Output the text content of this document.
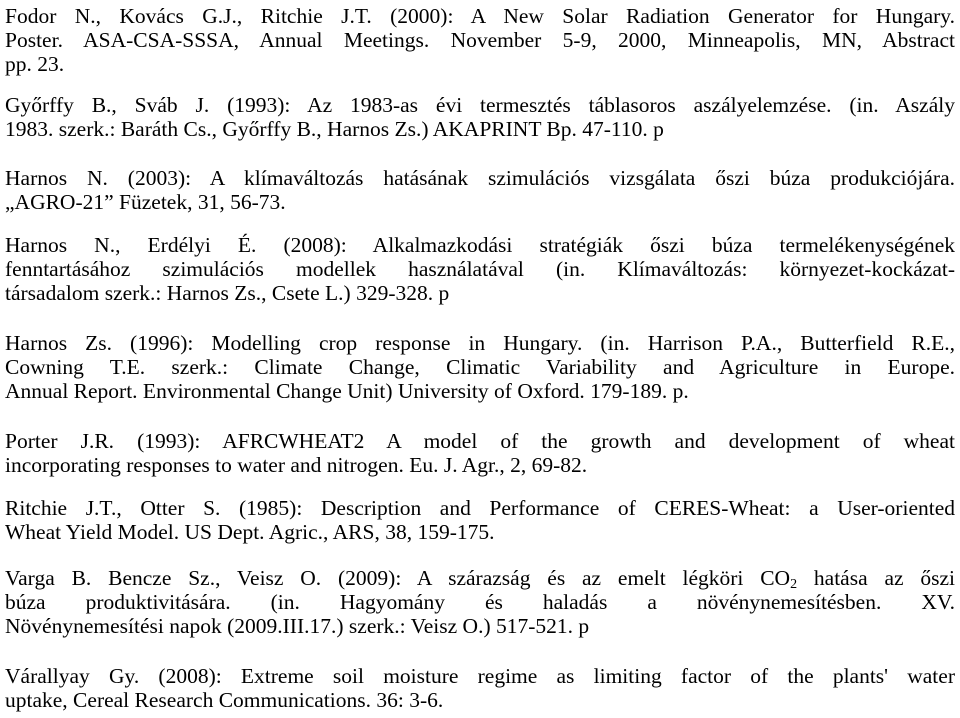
Fodor N., Kovács G.J., Ritchie J.T. (2000): A New Solar Radiation Generator for Hungary.
Poster. ASA-CSA-SSSA, Annual Meetings. November 5-9, 2000, Minneapolis, MN, Abstract
pp. 23.
Győrffy B., Sváb J. (1993): Az 1983-as évi termesztés táblasoros aszályelemzése. (in. Aszály
1983. szerk.: Baráth Cs., Győrffy B., Harnos Zs.) AKAPRINT Bp. 47-110. p
Harnos N. (2003): A klímaváltozás hatásának szimulációs vizsgálata őszi búza produkciójára.
„AGRO-21” Füzetek, 31, 56-73.
Harnos N., Erdélyi É. (2008): Alkalmazkodási stratégiák őszi búza termelékenységének
fenntartásához szimulációs modellek használatával (in. Klímaváltozás: környezet-kockázat-
társadalom szerk.: Harnos Zs., Csete L.) 329-328. p
Harnos Zs. (1996): Modelling crop response in Hungary. (in. Harrison P.A., Butterfield R.E.,
Cowning T.E. szerk.: Climate Change, Climatic Variability and Agriculture in Europe.
Annual Report. Environmental Change Unit) University of Oxford. 179-189. p.
Porter J.R. (1993): AFRCWHEAT2 A model of the growth and development of wheat
incorporating responses to water and nitrogen. Eu. J. Agr., 2, 69-82.
Ritchie J.T., Otter S. (1985): Description and Performance of CERES-Wheat: a User-oriented
Wheat Yield Model. US Dept. Agric., ARS, 38, 159-175.
Varga B. Bencze Sz., Veisz O. (2009): A szárazság és az emelt légköri $CO_2$ hatása az őszi
búza produktivitására. (in. Hagyomány és haladás a növénynemesítésben. XV.
Növénynemesítési napok (2009.III.17.) szerk.: Veisz O.) 517-521. p
Várallyay Gy. (2008): Extreme soil moisture regime as limiting factor of the plants' water
uptake, Cereal Research Communications. 36: 3-6.
